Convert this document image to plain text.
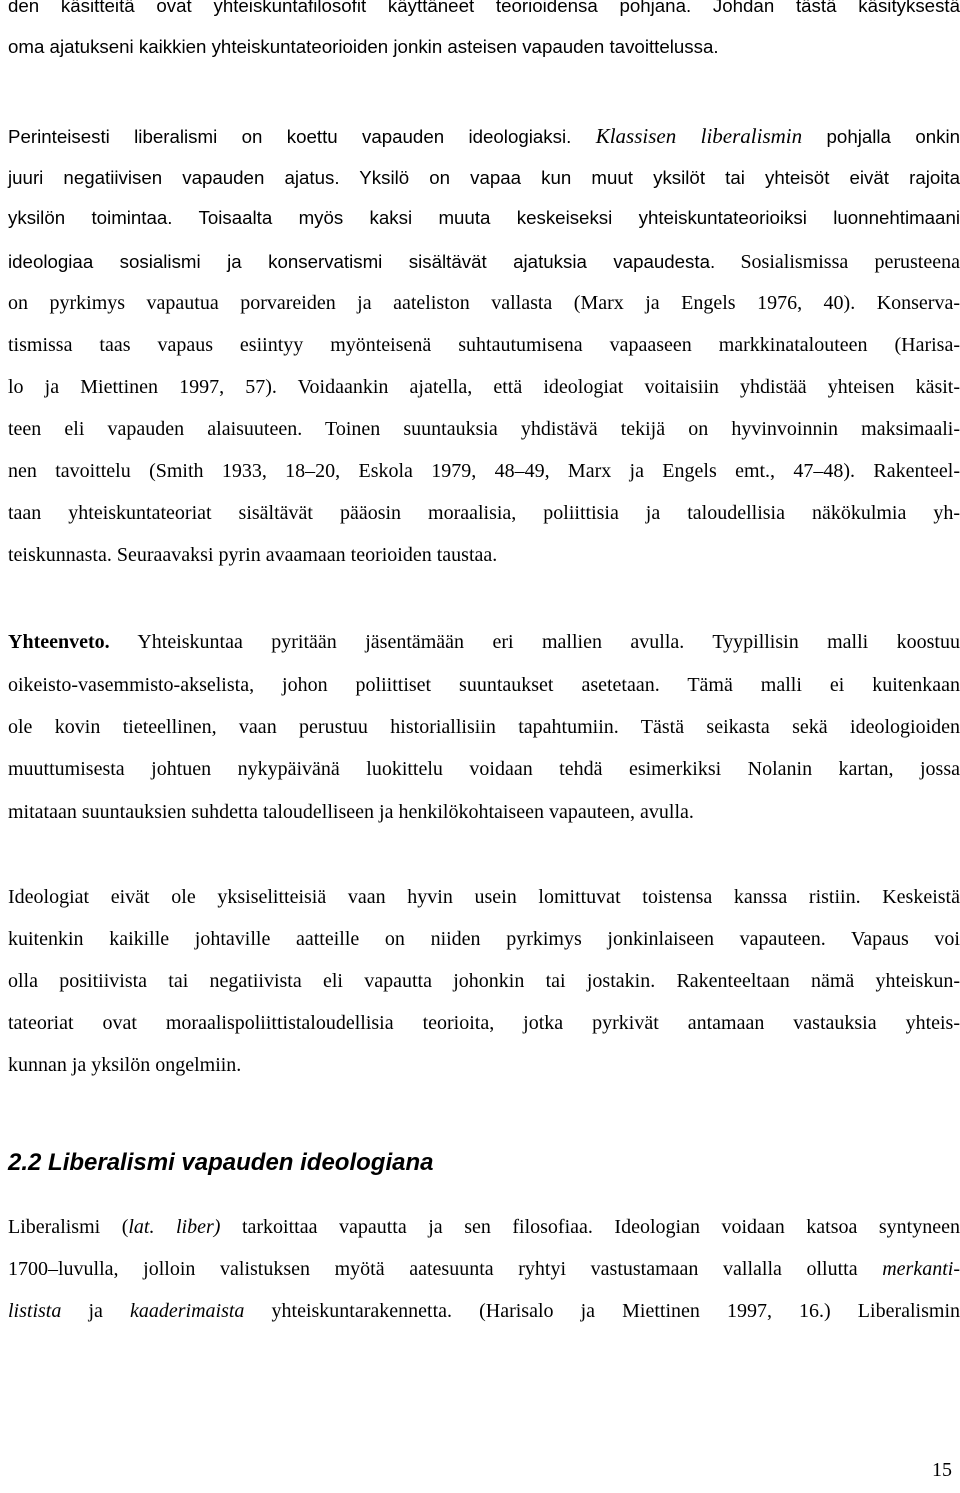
den käsitteitä ovat yhteiskuntafilosofit käyttäneet teorioidensa pohjana. Johdan tästä käsityksestä
oma ajatukseni kaikkien yhteiskuntateorioiden jonkin asteisen vapauden tavoittelussa.
Perinteisesti liberalismi on koettu vapauden ideologiaksi. Klassisen liberalismin pohjalla onkin
juuri negatiivisen vapauden ajatus. Yksilö on vapaa kun muut yksilöt tai yhteisöt eivät rajoita
yksilön toimintaa. Toisaalta myös kaksi muuta keskeiseksi yhteiskuntateorioiksi luonnehtimaani
ideologiaa sosialismi ja konservatismi sisältävät ajatuksia vapaudesta. Sosialismissa perusteena
on pyrkimys vapautua porvareiden ja aateliston vallasta (Marx ja Engels 1976, 40). Konserva-
tismissa taas vapaus esiintyy myönteisenä suhtautumisena vapaaseen markkinatalouteen (Harisa-
lo ja Miettinen 1997, 57). Voidaankin ajatella, että ideologiat voitaisiin yhdistää yhteisen käsit-
teen eli vapauden alaisuuteen. Toinen suuntauksia yhdistävä tekijä on hyvinvoinnin maksimaali-
nen tavoittelu (Smith 1933, 18–20, Eskola 1979, 48–49, Marx ja Engels emt., 47–48). Rakenteel-
taan yhteiskuntateoriat sisältävät pääosin moraalisia, poliittisia ja taloudellisia näkökulmia yh-
teiskunnasta. Seuraavaksi pyrin avaamaan teorioiden taustaa.
Yhteenveto. Yhteiskuntaa pyritään jäsentämään eri mallien avulla. Tyypillisin malli koostuu
oikeisto-vasemmisto-akselista, johon poliittiset suuntaukset asetetaan. Tämä malli ei kuitenkaan
ole kovin tieteellinen, vaan perustuu historiallisiin tapahtumiin. Tästä seikasta sekä ideologioiden
muuttumisesta johtuen nykypäivänä luokittelu voidaan tehdä esimerkiksi Nolanin kartan, jossa
mitataan suuntauksien suhdetta taloudelliseen ja henkilökohtaiseen vapauteen, avulla.
Ideologiat eivät ole yksiselitteisiä vaan hyvin usein lomittuvat toistensa kanssa ristiin. Keskeistä
kuitenkin kaikille johtaville aatteille on niiden pyrkimys jonkinlaiseen vapauteen. Vapaus voi
olla positiivista tai negatiivista eli vapautta johonkin tai jostakin. Rakenteeltaan nämä yhteiskun-
tateoriat ovat moraalispoliittistaloudellisia teorioita, jotka pyrkivät antamaan vastauksia yhteis-
kunnan ja yksilön ongelmiin.
2.2 Liberalismi vapauden ideologiana
Liberalismi (lat. liber) tarkoittaa vapautta ja sen filosofiaa. Ideologian voidaan katsoa syntyneen
1700–luvulla, jolloin valistuksen myötä aatesuunta ryhtyi vastustamaan vallalla ollutta merkanti-
listista ja kaaderimaista yhteiskuntarakennetta. (Harisalo ja Miettinen 1997, 16.) Liberalismin
15
